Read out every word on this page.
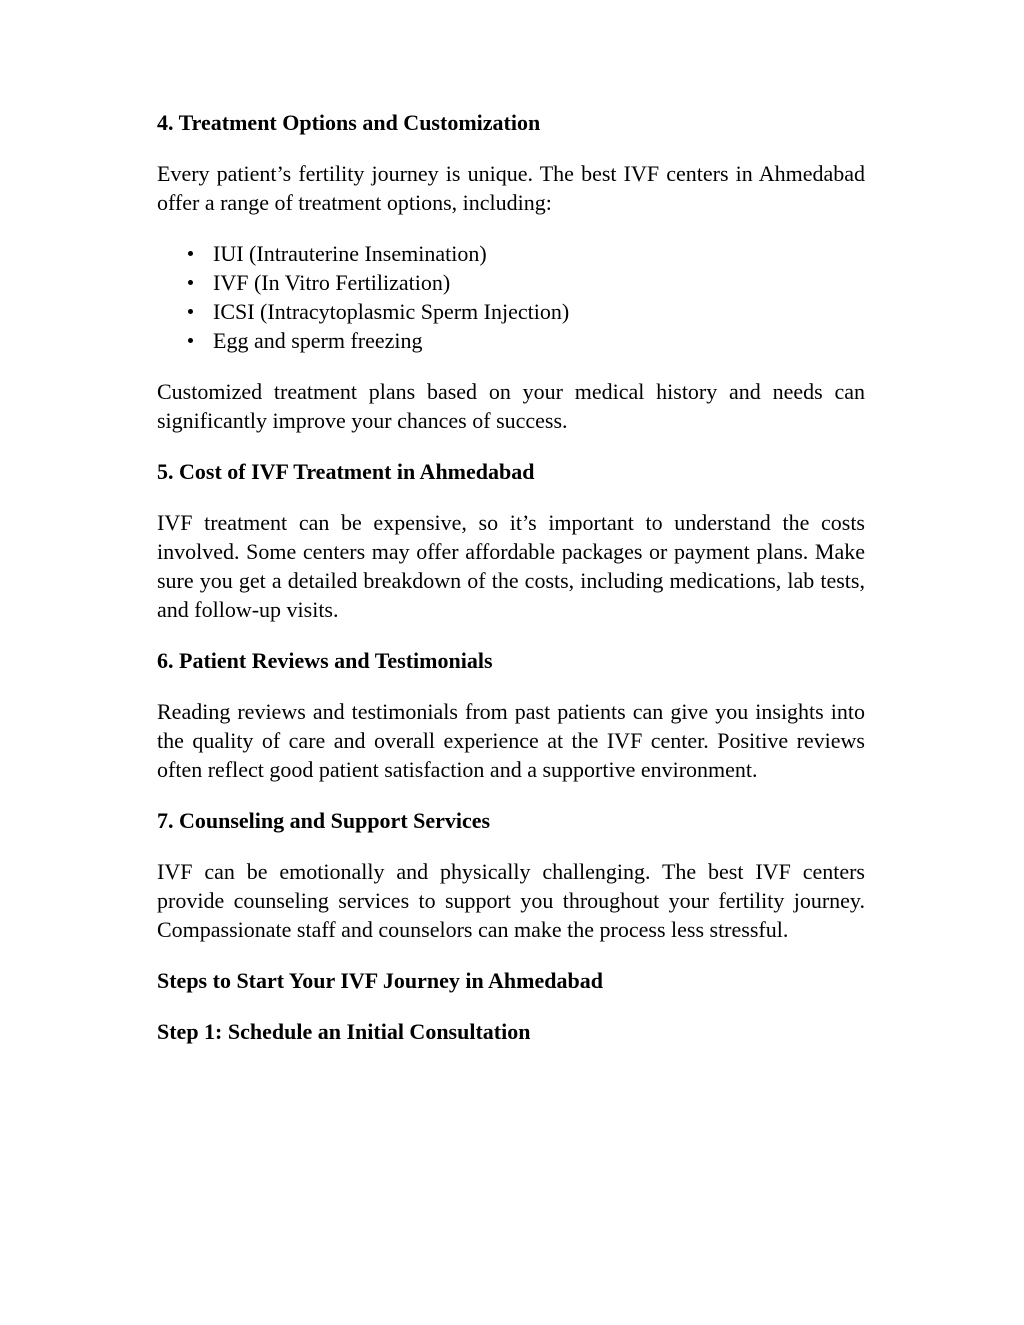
4. Treatment Options and Customization

Every patient’s fertility journey is unique. The best IVF centers in Ahmedabad offer a range of treatment options, including:

IUI (Intrauterine Insemination)
IVF (In Vitro Fertilization)
ICSI (Intracytoplasmic Sperm Injection)
Egg and sperm freezing

Customized treatment plans based on your medical history and needs can significantly improve your chances of success.

5. Cost of IVF Treatment in Ahmedabad

IVF treatment can be expensive, so it’s important to understand the costs involved. Some centers may offer affordable packages or payment plans. Make sure you get a detailed breakdown of the costs, including medications, lab tests, and follow-up visits.

6. Patient Reviews and Testimonials

Reading reviews and testimonials from past patients can give you insights into the quality of care and overall experience at the IVF center. Positive reviews often reflect good patient satisfaction and a supportive environment.

7. Counseling and Support Services

IVF can be emotionally and physically challenging. The best IVF centers provide counseling services to support you throughout your fertility journey. Compassionate staff and counselors can make the process less stressful.

Steps to Start Your IVF Journey in Ahmedabad
Step 1: Schedule an Initial Consultation
